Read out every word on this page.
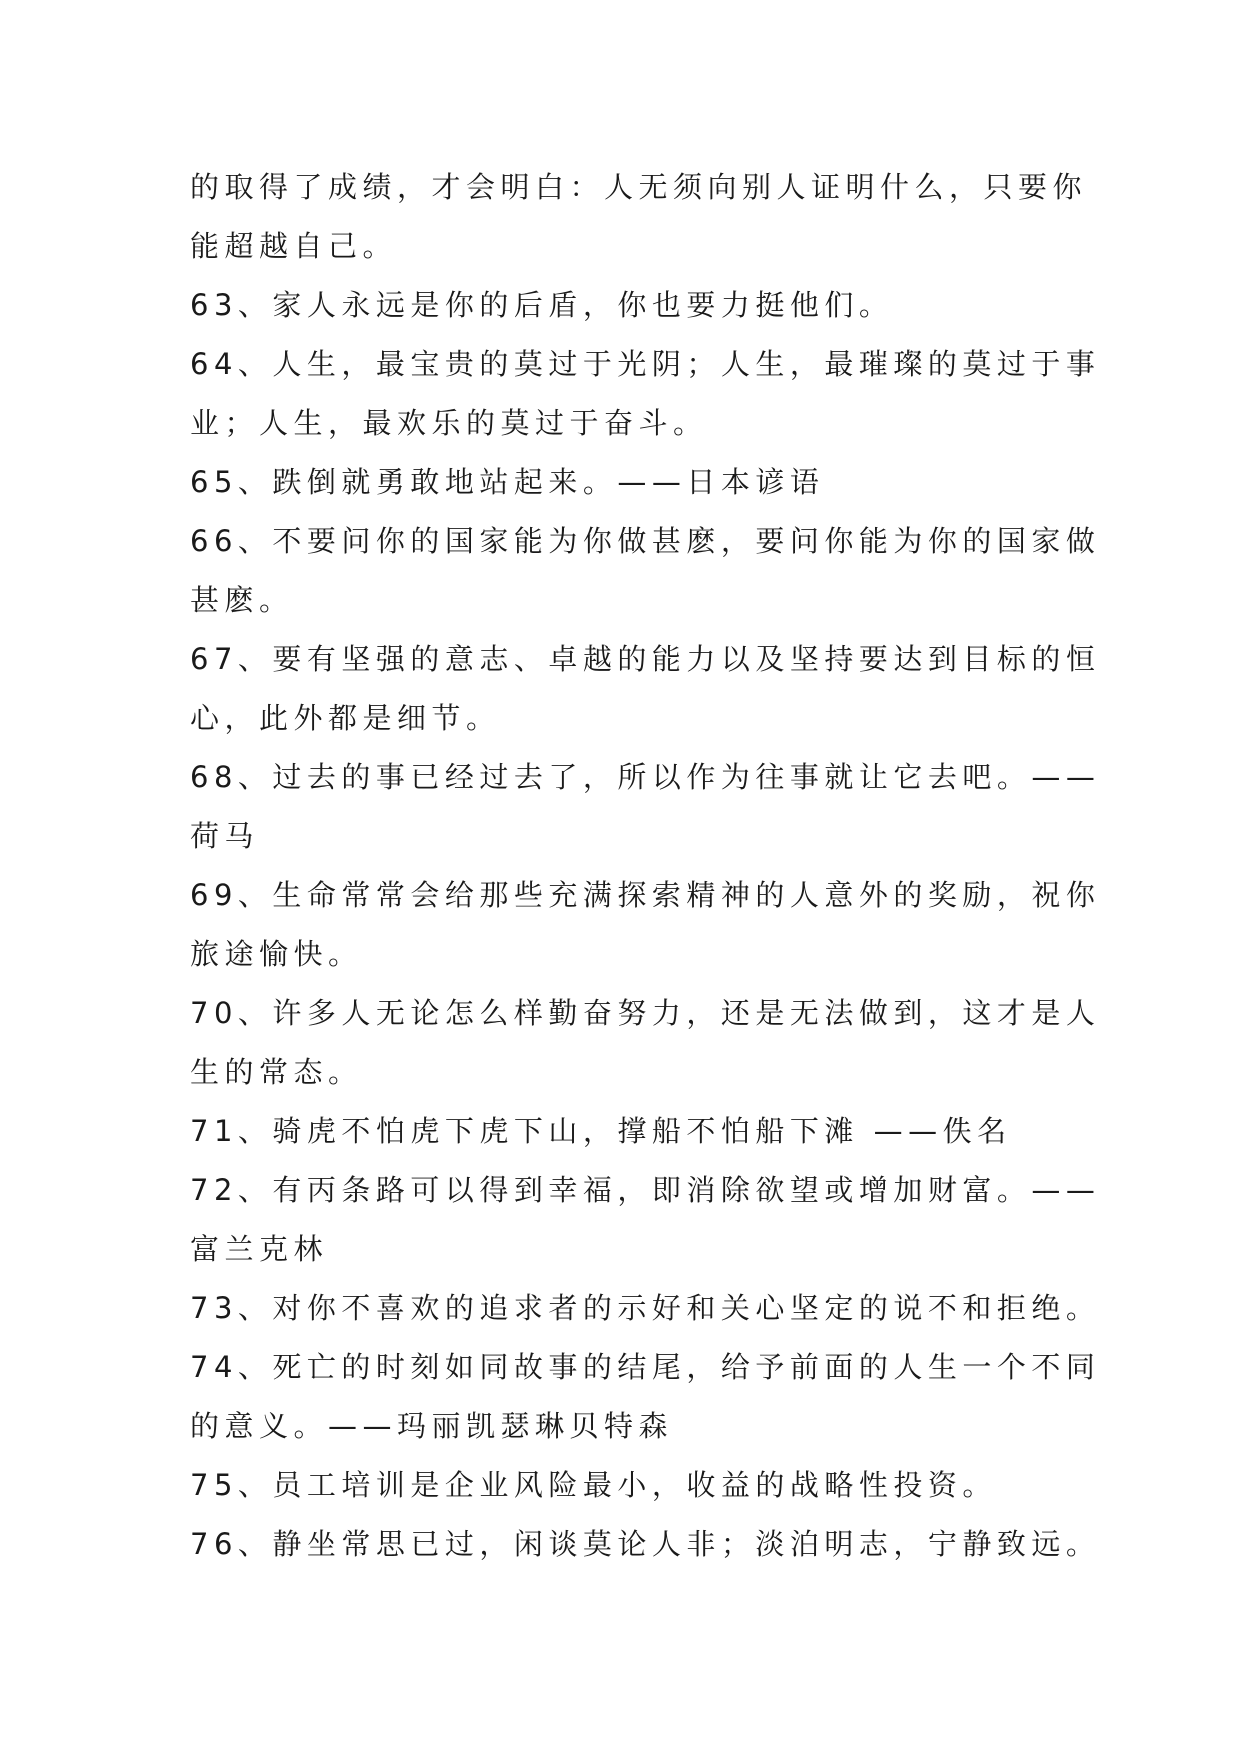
的取得了成绩，才会明白：人无须向别人证明什么，只要你
能超越自己。
63、家人永远是你的后盾，你也要力挺他们。
64、人生，最宝贵的莫过于光阴；人生，最璀璨的莫过于事
业；人生，最欢乐的莫过于奋斗。
65、跌倒就勇敢地站起来。——日本谚语
66、不要问你的国家能为你做甚麽，要问你能为你的国家做
甚麽。
67、要有坚强的意志、卓越的能力以及坚持要达到目标的恒
心，此外都是细节。
68、过去的事已经过去了，所以作为往事就让它去吧。——
荷马
69、生命常常会给那些充满探索精神的人意外的奖励，祝你
旅途愉快。
70、许多人无论怎么样勤奋努力，还是无法做到，这才是人
生的常态。
71、骑虎不怕虎下虎下山，撑船不怕船下滩 ——佚名
72、有丙条路可以得到幸福，即消除欲望或增加财富。——
富兰克林
73、对你不喜欢的追求者的示好和关心坚定的说不和拒绝。
74、死亡的时刻如同故事的结尾，给予前面的人生一个不同
的意义。——玛丽凯瑟琳贝特森
75、员工培训是企业风险最小，收益的战略性投资。
76、静坐常思已过，闲谈莫论人非；淡泊明志，宁静致远。
